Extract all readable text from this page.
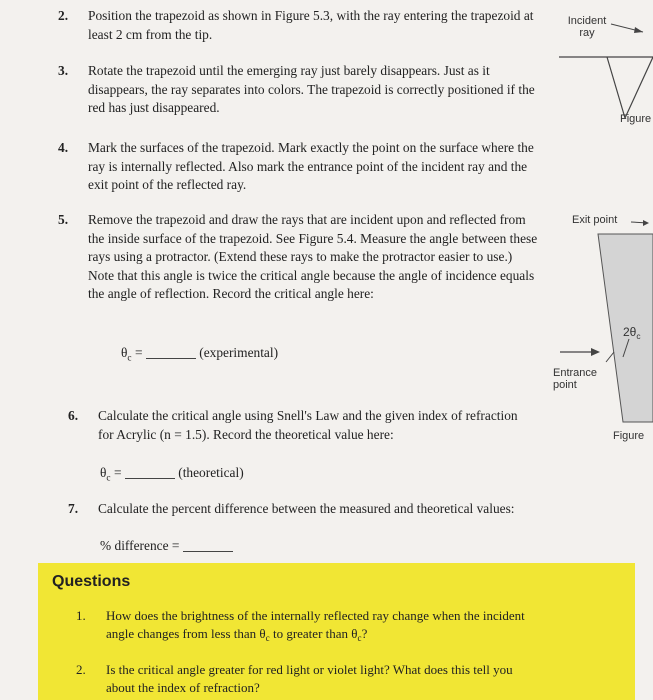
2. Position the trapezoid as shown in Figure 5.3, with the ray entering the trapezoid at least 2 cm from the tip.
3. Rotate the trapezoid until the emerging ray just barely disappears. Just as it disappears, the ray separates into colors. The trapezoid is correctly positioned if the red has just disappeared.
4. Mark the surfaces of the trapezoid. Mark exactly the point on the surface where the ray is internally reflected. Also mark the entrance point of the incident ray and the exit point of the reflected ray.
5. Remove the trapezoid and draw the rays that are incident upon and reflected from the inside surface of the trapezoid. See Figure 5.4. Measure the angle between these rays using a protractor. (Extend these rays to make the protractor easier to use.) Note that this angle is twice the critical angle because the angle of incidence equals the angle of reflection. Record the critical angle here:
$\theta_c$ =	(experimental)
6. Calculate the critical angle using Snell's Law and the given index of refraction for Acrylic (n = 1.5). Record the theoretical value here:
$\theta_c$ =	(theoretical)
7. Calculate the percent difference between the measured and theoretical values:
% difference =
Incident ray
Figure
Exit point
$2\theta_c$
Entrance point
Figure
Questions
1. How does the brightness of the internally reflected ray change when the incident
angle changes from less than $\theta_c$ to greater than $\theta_c$?
2. Is the critical angle greater for red light or violet light? What does this tell you
about the index of refraction?
